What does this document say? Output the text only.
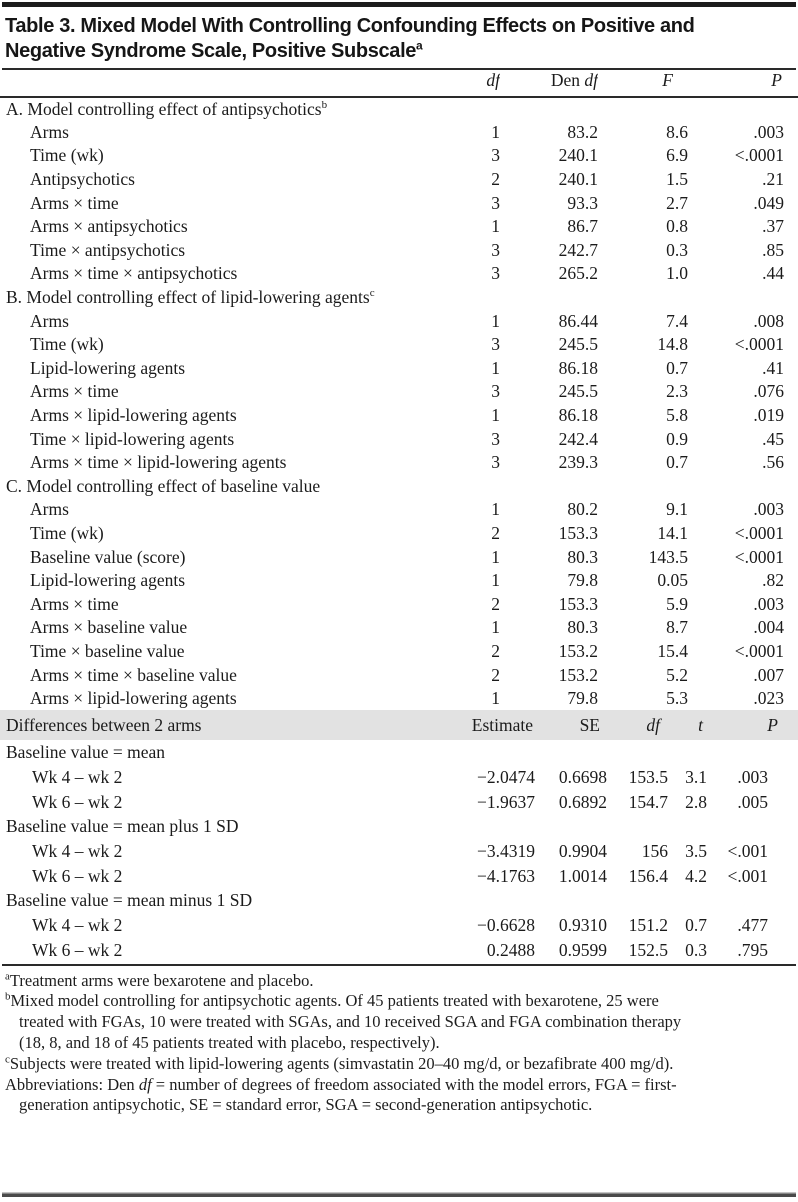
Table 3. Mixed Model With Controlling Confounding Effects on Positive and
Negative Syndrome Scale, Positive Subscale$^a$
	df	Den df	F	P
A. Model controlling effect of antipsychotics$^b$
Arms	1	83.2	8.6	.003
Time (wk)	3	240.1	6.9	<.0001
Antipsychotics	2	240.1	1.5	.21
Arms × time	3	93.3	2.7	.049
Arms × antipsychotics	1	86.7	0.8	.37
Time × antipsychotics	3	242.7	0.3	.85
Arms × time × antipsychotics	3	265.2	1.0	.44
B. Model controlling effect of lipid-lowering agents$^c$
Arms	1	86.44	7.4	.008
Time (wk)	3	245.5	14.8	<.0001
Lipid-lowering agents	1	86.18	0.7	.41
Arms × time	3	245.5	2.3	.076
Arms × lipid-lowering agents	1	86.18	5.8	.019
Time × lipid-lowering agents	3	242.4	0.9	.45
Arms × time × lipid-lowering agents	3	239.3	0.7	.56
C. Model controlling effect of baseline value				
Arms	1	80.2	9.1	.003
Time (wk)	2	153.3	14.1	<.0001
Baseline value (score)	1	80.3	143.5	<.0001
Lipid-lowering agents	1	79.8	0.05	.82
Arms × time	2	153.3	5.9	.003
Arms × baseline value	1	80.3	8.7	.004
Time × baseline value	2	153.2	15.4	<.0001
Arms × time × baseline value	2	153.2	5.2	.007
Arms × lipid-lowering agents	1	79.8	5.3	.023
Differences between 2 arms	Estimate	SE	df	t	P
Baseline value = mean					
Wk 4 – wk 2	−2.0474	0.6698	153.5	3.1	.003
Wk 6 – wk 2	−1.9637	0.6892	154.7	2.8	.005
Baseline value = mean plus 1 SD					
Wk 4 – wk 2	−3.4319	0.9904	156	3.5	<.001
Wk 6 – wk 2	−4.1763	1.0014	156.4	4.2	<.001
Baseline value = mean minus 1 SD					
Wk 4 – wk 2	−0.6628	0.9310	151.2	0.7	.477
Wk 6 – wk 2	0.2488	0.9599	152.5	0.3	.795
$^a$Treatment arms were bexarotene and placebo.
$^b$Mixed model controlling for antipsychotic agents. Of 45 patients treated with bexarotene, 25 were treated with FGAs, 10 were treated with SGAs, and 10 received SGA and FGA combination therapy (18, 8, and 18 of 45 patients treated with placebo, respectively).
$^c$Subjects were treated with lipid-lowering agents (simvastatin 20–40 mg/d, or bezafibrate 400 mg/d).
Abbreviations: Den df = number of degrees of freedom associated with the model errors, FGA = first-generation antipsychotic, SE = standard error, SGA = second-generation antipsychotic.
